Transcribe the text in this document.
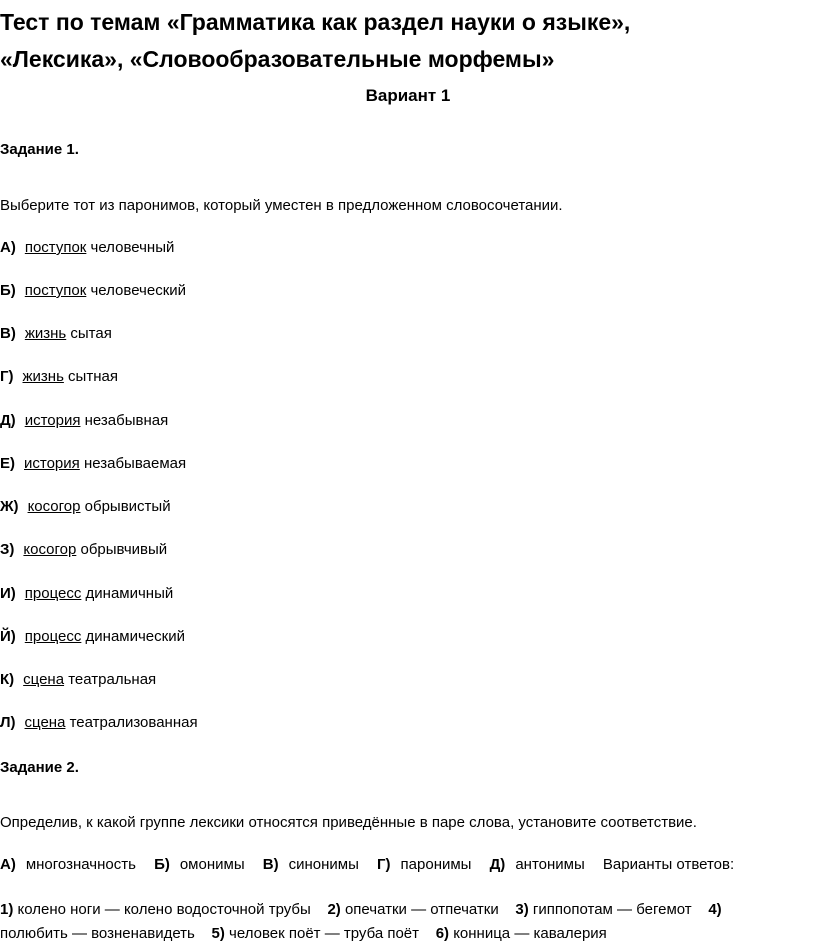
Тест по темам «Грамматика как раздел науки о языке»,
«Лексика», «Словообразовательные морфемы»
Вариант 1
Задание 1.
Выберите тот из паронимов, который уместен в предложенном словосочетании.
А) поступок человечный
Б) поступок человеческий
В) жизнь сытая
Г) жизнь сытная
Д) история незабывная
Е) история незабываемая
Ж) косогор обрывистый
З) косогор обрывчивый
И) процесс динамичный
Й) процесс динамический
К) сцена театральная
Л) сцена театрализованная
Задание 2.
Определив, к какой группе лексики относятся приведённые в паре слова, установите соответствие.
А) многозначность Б) омонимы В) синонимы Г) паронимы Д) антонимы Варианты ответов:
1) колено ноги — колено водосточной трубы 2) опечатки — отпечатки 3) гиппопотам — бегемот 4) полюбить — возненавидеть 5) человек поёт — труба поёт 6) конница — кавалерия
